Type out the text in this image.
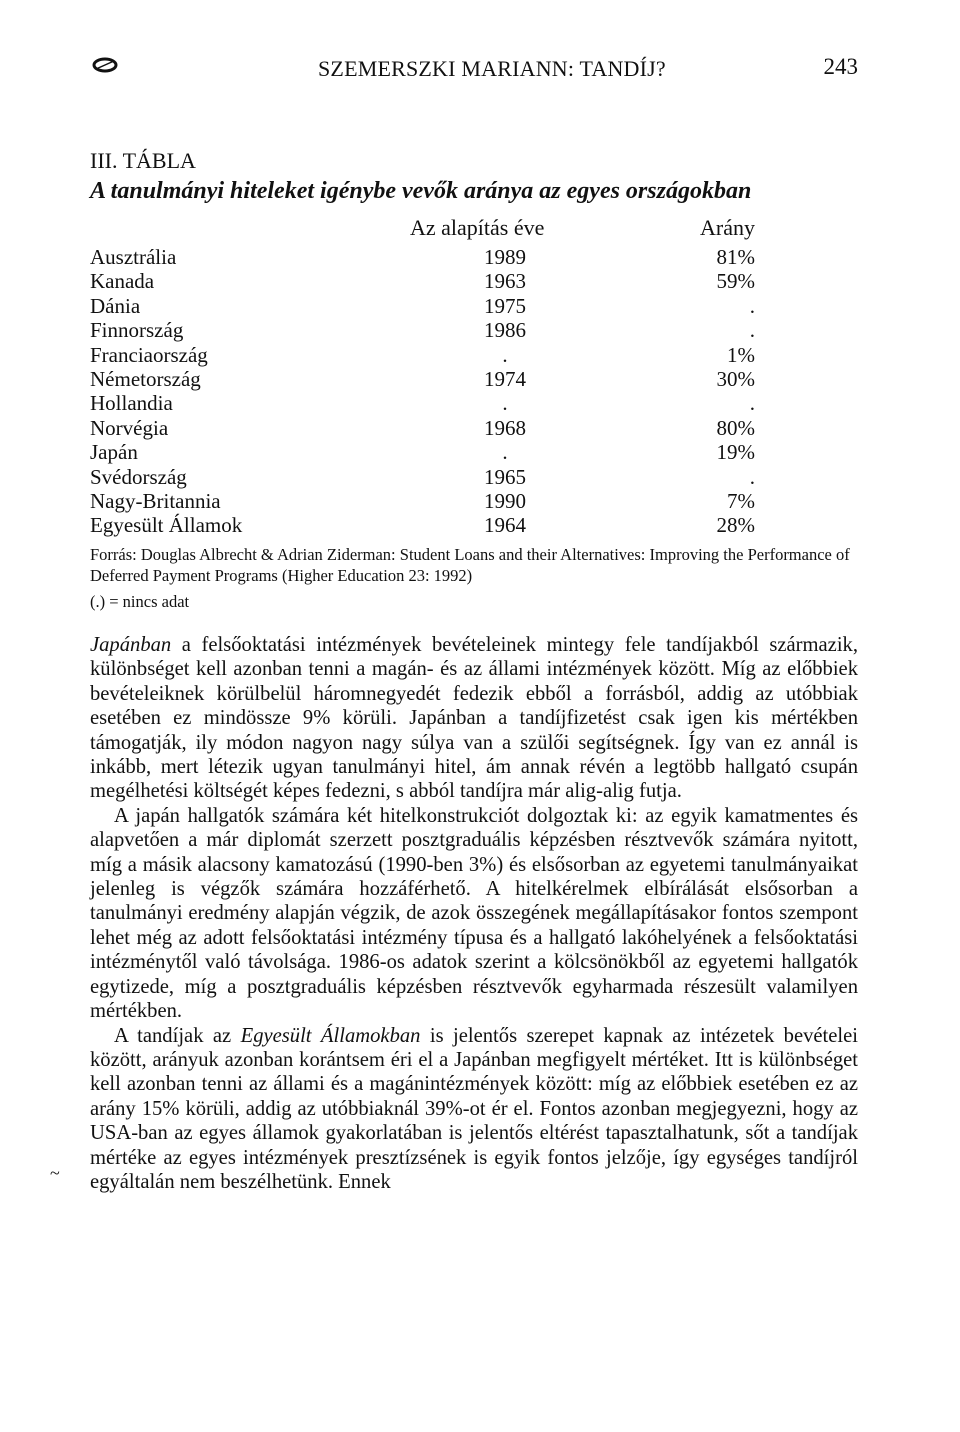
SZEMERSZKI MARIANN: TANDÍJ?	243
III. TÁBLA
A tanulmányi hiteleket igénybe vevők aránya az egyes országokban
Az alapítás éve	Arány
Ausztrália	1989	81%
Kanada	1963	59%
Dánia	1975	.
Finnország	1986	.
Franciaország	.	1%
Németország	1974	30%
Hollandia	.	.
Norvégia	1968	80%
Japán	.	19%
Svédország	1965	.
Nagy-Britannia	1990	7%
Egyesült Államok	1964	28%
Forrás: Douglas Albrecht & Adrian Ziderman: Student Loans and their Alternatives: Improving the Performance of Deferred Payment Programs (Higher Education 23: 1992)
(.) = nincs adat

Japánban a felsőoktatási intézmények bevételeinek mintegy fele tandíjakból származik, különbséget kell azonban tenni a magán- és az állami intézmények között. Míg az előbbiek bevételeiknek körülbelül háromnegyedét fedezik ebből a forrásból, addig az utóbbiak esetében ez mindössze 9% körüli. Japánban a tandíjfizetést csak igen kis mértékben támogatják, ily módon nagyon nagy súlya van a szülői segítségnek. Így van ez annál is inkább, mert létezik ugyan tanulmányi hitel, ám annak révén a legtöbb hallgató csupán megélhetési költségét képes fedezni, s abból tandíjra már alig-alig futja.

A japán hallgatók számára két hitelkonstrukciót dolgoztak ki: az egyik kamatmentes és alapvetően a már diplomát szerzett posztgraduális képzésben résztvevők számára nyitott, míg a másik alacsony kamatozású (1990-ben 3%) és elsősorban az egyetemi tanulmányaikat jelenleg is végzők számára hozzáférhető. A hitelkérelmek elbírálását elsősorban a tanulmányi eredmény alapján végzik, de azok összegének megállapításakor fontos szempont lehet még az adott felsőoktatási intézmény típusa és a hallgató lakóhelyének a felsőoktatási intézménytől való távolsága. 1986-os adatok szerint a kölcsönökből az egyetemi hallgatók egytizede, míg a posztgraduális képzésben résztvevők egyharmada részesült valamilyen mértékben.

A tandíjak az Egyesült Államokban is jelentős szerepet kapnak az intézetek bevételei között, arányuk azonban korántsem éri el a Japánban megfigyelt mértéket. Itt is különbséget kell azonban tenni az állami és a magánintézmények között: míg az előbbiek esetében ez az arány 15% körüli, addig az utóbbiaknál 39%-ot ér el. Fontos azonban megjegyezni, hogy az USA-ban az egyes államok gyakorlatában is jelentős eltérést tapasztalhatunk, sőt a tandíjak mértéke az egyes intézmények presztízsének is egyik fontos jelzője, így egységes tandíjról egyáltalán nem beszélhetünk. Ennek

~
